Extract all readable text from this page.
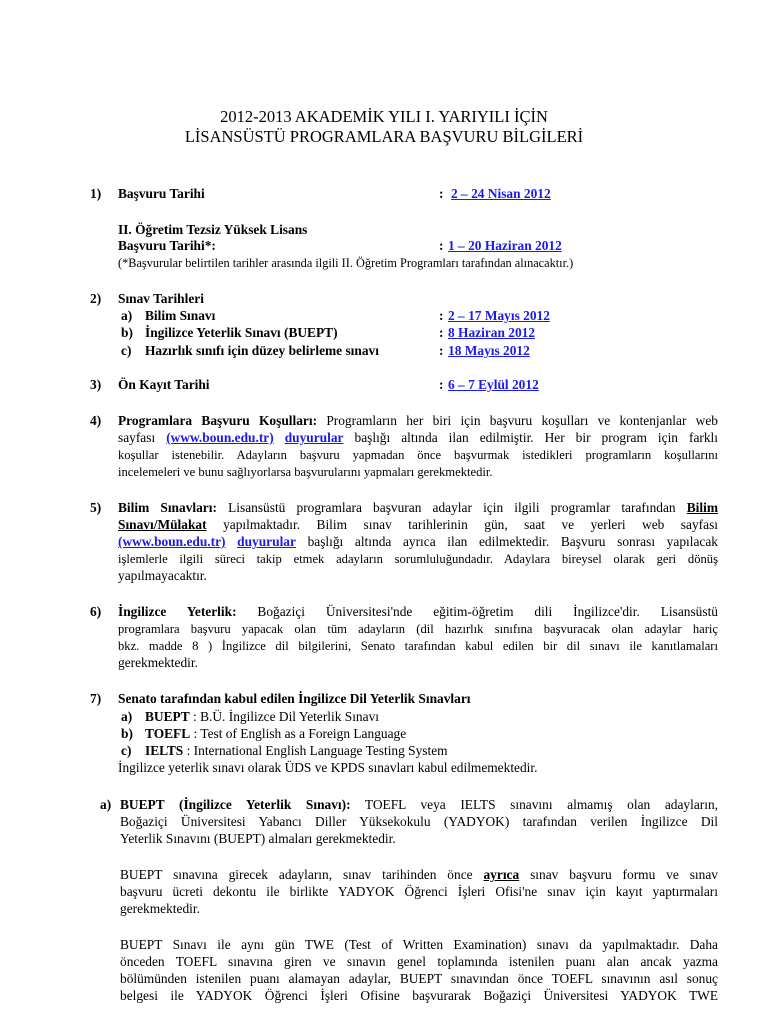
2012-2013 AKADEMİK YILI I. YARIYILI İÇİN
LİSANSÜSTÜ PROGRAMLARA BAŞVURU BİLGİLERİ
1) Başvuru Tarihi	: 2 – 24 Nisan 2012
II. Öğretim Tezsiz Yüksek Lisans
Başvuru Tarihi*:	: 1 – 20 Haziran 2012
(*Başvurular belirtilen tarihler arasında ilgili II. Öğretim Programları tarafından alınacaktır.)
2) Sınav Tarihleri
a) Bilim Sınavı	: 2 – 17 Mayıs 2012
b) İngilizce Yeterlik Sınavı (BUEPT)	: 8 Haziran 2012
c) Hazırlık sınıfı için düzey belirleme sınavı	: 18 Mayıs 2012
3) Ön Kayıt Tarihi	: 6 – 7 Eylül 2012
4) Programlara Başvuru Koşulları: Programların her biri için başvuru koşulları ve kontenjanlar web
sayfası (www.boun.edu.tr) duyurular başlığı altında ilan edilmiştir. Her bir program için farklı
koşullar istenebilir. Adayların başvuru yapmadan önce başvurmak istedikleri programların koşullarını
incelemeleri ve bunu sağlıyorlarsa başvurularını yapmaları gerekmektedir.
5) Bilim Sınavları: Lisansüstü programlara başvuran adaylar için ilgili programlar tarafından Bilim
Sınavı/Mülakat yapılmaktadır. Bilim sınav tarihlerinin gün, saat ve yerleri web sayfası
(www.boun.edu.tr) duyurular başlığı altında ayrıca ilan edilmektedir. Başvuru sonrası yapılacak
işlemlerle ilgili süreci takip etmek adayların sorumluluğundadır. Adaylara bireysel olarak geri dönüş
yapılmayacaktır.
6) İngilizce Yeterlik: Boğaziçi Üniversitesi'nde eğitim-öğretim dili İngilizce'dir. Lisansüstü
programlara başvuru yapacak olan tüm adayların (dil hazırlık sınıfına başvuracak olan adaylar hariç
bkz. madde 8 ) İngilizce dil bilgilerini, Senato tarafından kabul edilen bir dil sınavı ile kanıtlamaları
gerekmektedir.
7) Senato tarafından kabul edilen İngilizce Dil Yeterlik Sınavları
a) BUEPT : B.Ü. İngilizce Dil Yeterlik Sınavı
b) TOEFL : Test of English as a Foreign Language
c) IELTS : International English Language Testing System
İngilizce yeterlik sınavı olarak ÜDS ve KPDS sınavları kabul edilmemektedir.
a) BUEPT (İngilizce Yeterlik Sınavı): TOEFL veya IELTS sınavını almamış olan adayların,
Boğaziçi Üniversitesi Yabancı Diller Yüksekokulu (YADYOK) tarafından verilen İngilizce Dil
Yeterlik Sınavını (BUEPT) almaları gerekmektedir.
BUEPT sınavına girecek adayların, sınav tarihinden önce ayrıca sınav başvuru formu ve sınav
başvuru ücreti dekontu ile birlikte YADYOK Öğrenci İşleri Ofisi'ne sınav için kayıt yaptırmaları
gerekmektedir.
BUEPT Sınavı ile aynı gün TWE (Test of Written Examination) sınavı da yapılmaktadır. Daha
önceden TOEFL sınavına giren ve sınavın genel toplamında istenilen puanı alan ancak yazma
bölümünden istenilen puanı alamayan adaylar, BUEPT sınavından önce TOEFL sınavının asıl sonuç
belgesi ile YADYOK Öğrenci İşleri Ofisine başvurarak Boğaziçi Üniversitesi YADYOK TWE
